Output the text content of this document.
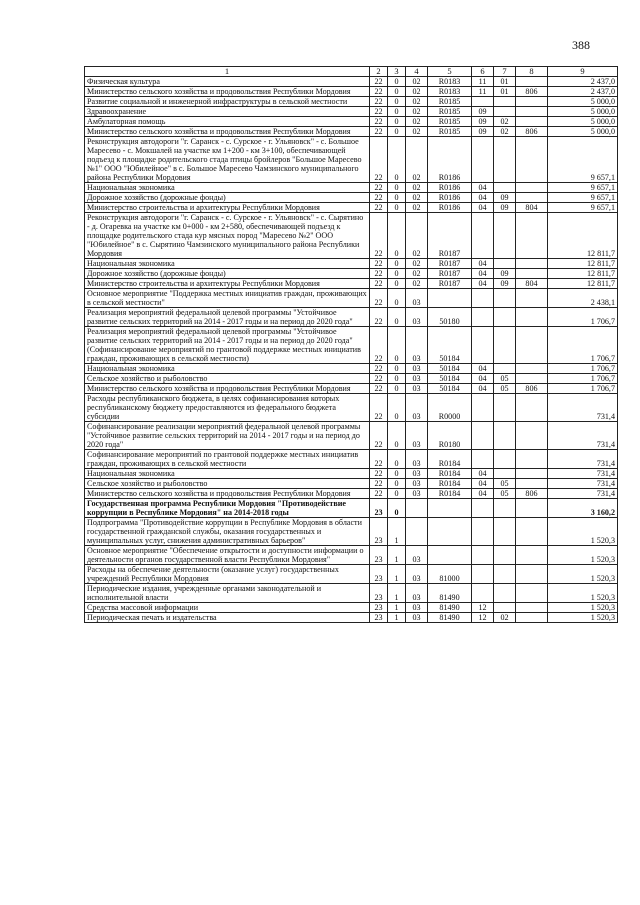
388
1	2	3	4	5	6	7	8	9
Физическая культура	22	0	02	R0183	11	01		2 437,0
Министерство сельского хозяйства и продовольствия Республики Мордовия	22	0	02	R0183	11	01	806	2 437,0
Развитие социальной и инженерной инфраструктуры в сельской местности	22	0	02	R0185				5 000,0
Здравоохранение	22	0	02	R0185	09			5 000,0
Амбулаторная помощь	22	0	02	R0185	09	02		5 000,0
Министерство сельского хозяйства и продовольствия Республики Мордовия	22	0	02	R0185	09	02	806	5 000,0
Реконструкция автодороги "г. Саранск - с. Сурское - г. Ульяновск" - с. Большое Маресево - с. Мокшалей на участке км 1+200 - км 3+100, обеспечивающей подъезд к площадке родительского стада птицы бройлеров "Большое Маресево №1" ООО "Юбилейное" в с. Большое Маресево Чамзинского муниципального района Республики Мордовия	22	0	02	R0186				9 657,1
Национальная экономика	22	0	02	R0186	04			9 657,1
Дорожное хозяйство (дорожные фонды)	22	0	02	R0186	04	09		9 657,1
Министерство строительства и архитектуры Республики Мордовия	22	0	02	R0186	04	09	804	9 657,1
Реконструкция автодороги "г. Саранск - с. Сурское - г. Ульяновск" - с. Сырятино - д. Огаревка на участке км 0+000 - км 2+580, обеспечивающей подъезд к площадке родительского стада кур мясных пород "Маресево №2" ООО "Юбилейное" в с. Сырятино Чамзинского муниципального района Республики Мордовия	22	0	02	R0187				12 811,7
Национальная экономика	22	0	02	R0187	04			12 811,7
Дорожное хозяйство (дорожные фонды)	22	0	02	R0187	04	09		12 811,7
Министерство строительства и архитектуры Республики Мордовия	22	0	02	R0187	04	09	804	12 811,7
Основное мероприятие "Поддержка местных инициатив граждан, проживающих в сельской местности"	22	0	03					2 438,1
Реализация мероприятий федеральной целевой программы "Устойчивое развитие сельских территорий на 2014 - 2017 годы и на период до 2020 года"	22	0	03	50180				1 706,7
Реализация мероприятий федеральной целевой программы "Устойчивое развитие сельских территорий на 2014 - 2017 годы и на период до 2020 года" (Софинансирование мероприятий по грантовой поддержке местных инициатив граждан, проживающих в сельской местности)	22	0	03	50184				1 706,7
Национальная экономика	22	0	03	50184	04			1 706,7
Сельское хозяйство и рыболовство	22	0	03	50184	04	05		1 706,7
Министерство сельского хозяйства и продовольствия Республики Мордовия	22	0	03	50184	04	05	806	1 706,7
Расходы республиканского бюджета, в целях софинансирования которых республиканскому бюджету предоставляются из федерального бюджета субсидии	22	0	03	R0000				731,4
Софинансирование реализации мероприятий федеральной целевой программы "Устойчивое развитие сельских территорий на 2014 - 2017 годы и на период до 2020 года"	22	0	03	R0180				731,4
Софинансирование мероприятий по грантовой поддержке местных инициатив граждан, проживающих в сельской местности	22	0	03	R0184				731,4
Национальная экономика	22	0	03	R0184	04			731,4
Сельское хозяйство и рыболовство	22	0	03	R0184	04	05		731,4
Министерство сельского хозяйства и продовольствия Республики Мордовия	22	0	03	R0184	04	05	806	731,4
Государственная программа Республики Мордовия "Противодействие коррупции в Республике Мордовия" на 2014-2018 годы	23	0						3 160,2
Подпрограмма "Противодействие коррупции в Республике Мордовия в области государственной гражданской службы, оказания государственных и муниципальных услуг, снижения административных барьеров"	23	1						1 520,3
Основное мероприятие "Обеспечение открытости и доступности информации о деятельности органов государственной власти Республики Мордовия"	23	1	03					1 520,3
Расходы на обеспечение деятельности (оказание услуг) государственных учреждений Республики Мордовия	23	1	03	81000				1 520,3
Периодические издания, учрежденные органами законодательной и исполнительной власти	23	1	03	81490				1 520,3
Средства массовой информации	23	1	03	81490	12			1 520,3
Периодическая печать и издательства	23	1	03	81490	12	02		1 520,3
